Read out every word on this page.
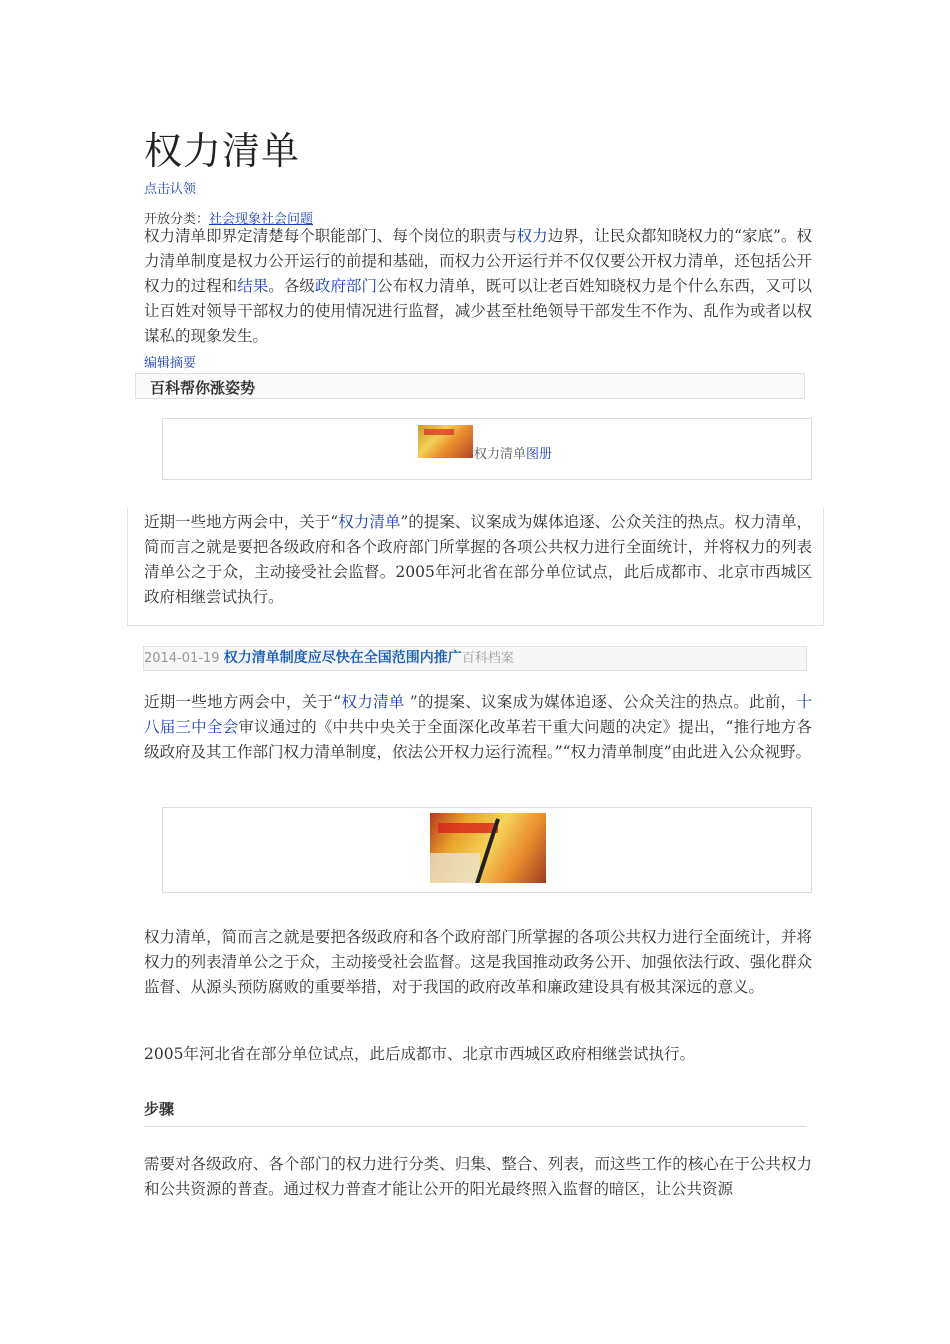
权力清单
点击认领
开放分类：社会现象社会问题

权力清单即界定清楚每个职能部门、每个岗位的职责与权力边界，让民众都知晓权力的“家底”。权力清单制度是权力公开运行的前提和基础，而权力公开运行并不仅仅要公开权力清单，还包括公开权力的过程和结果。各级政府部门公布权力清单，既可以让老百姓知晓权力是个什么东西，又可以让百姓对领导干部权力的使用情况进行监督，减少甚至杜绝领导干部发生不作为、乱作为或者以权谋私的现象发生。

编辑摘要
百科帮你涨姿势
权力清单图册

近期一些地方两会中，关于“权力清单”的提案、议案成为媒体追逐、公众关注的热点。权力清单，简而言之就是要把各级政府和各个政府部门所掌握的各项公共权力进行全面统计，并将权力的列表清单公之于众，主动接受社会监督。2005年河北省在部分单位试点，此后成都市、北京市西城区政府相继尝试执行。

2014-01-19 权力清单制度应尽快在全国范围内推广百科档案

近期一些地方两会中，关于“权力清单 ”的提案、议案成为媒体追逐、公众关注的热点。此前，十八届三中全会审议通过的《中共中央关于全面深化改革若干重大问题的决定》提出，“推行地方各级政府及其工作部门权力清单制度，依法公开权力运行流程。”“权力清单制度”由此进入公众视野。

权力清单，简而言之就是要把各级政府和各个政府部门所掌握的各项公共权力进行全面统计，并将权力的列表清单公之于众，主动接受社会监督。这是我国推动政务公开、加强依法行政、强化群众监督、从源头预防腐败的重要举措，对于我国的政府改革和廉政建设具有极其深远的意义。

2005年河北省在部分单位试点，此后成都市、北京市西城区政府相继尝试执行。

步骤

需要对各级政府、各个部门的权力进行分类、归集、整合、列表，而这些工作的核心在于公共权力和公共资源的普查。通过权力普查才能让公开的阳光最终照入监督的暗区，让公共资源
